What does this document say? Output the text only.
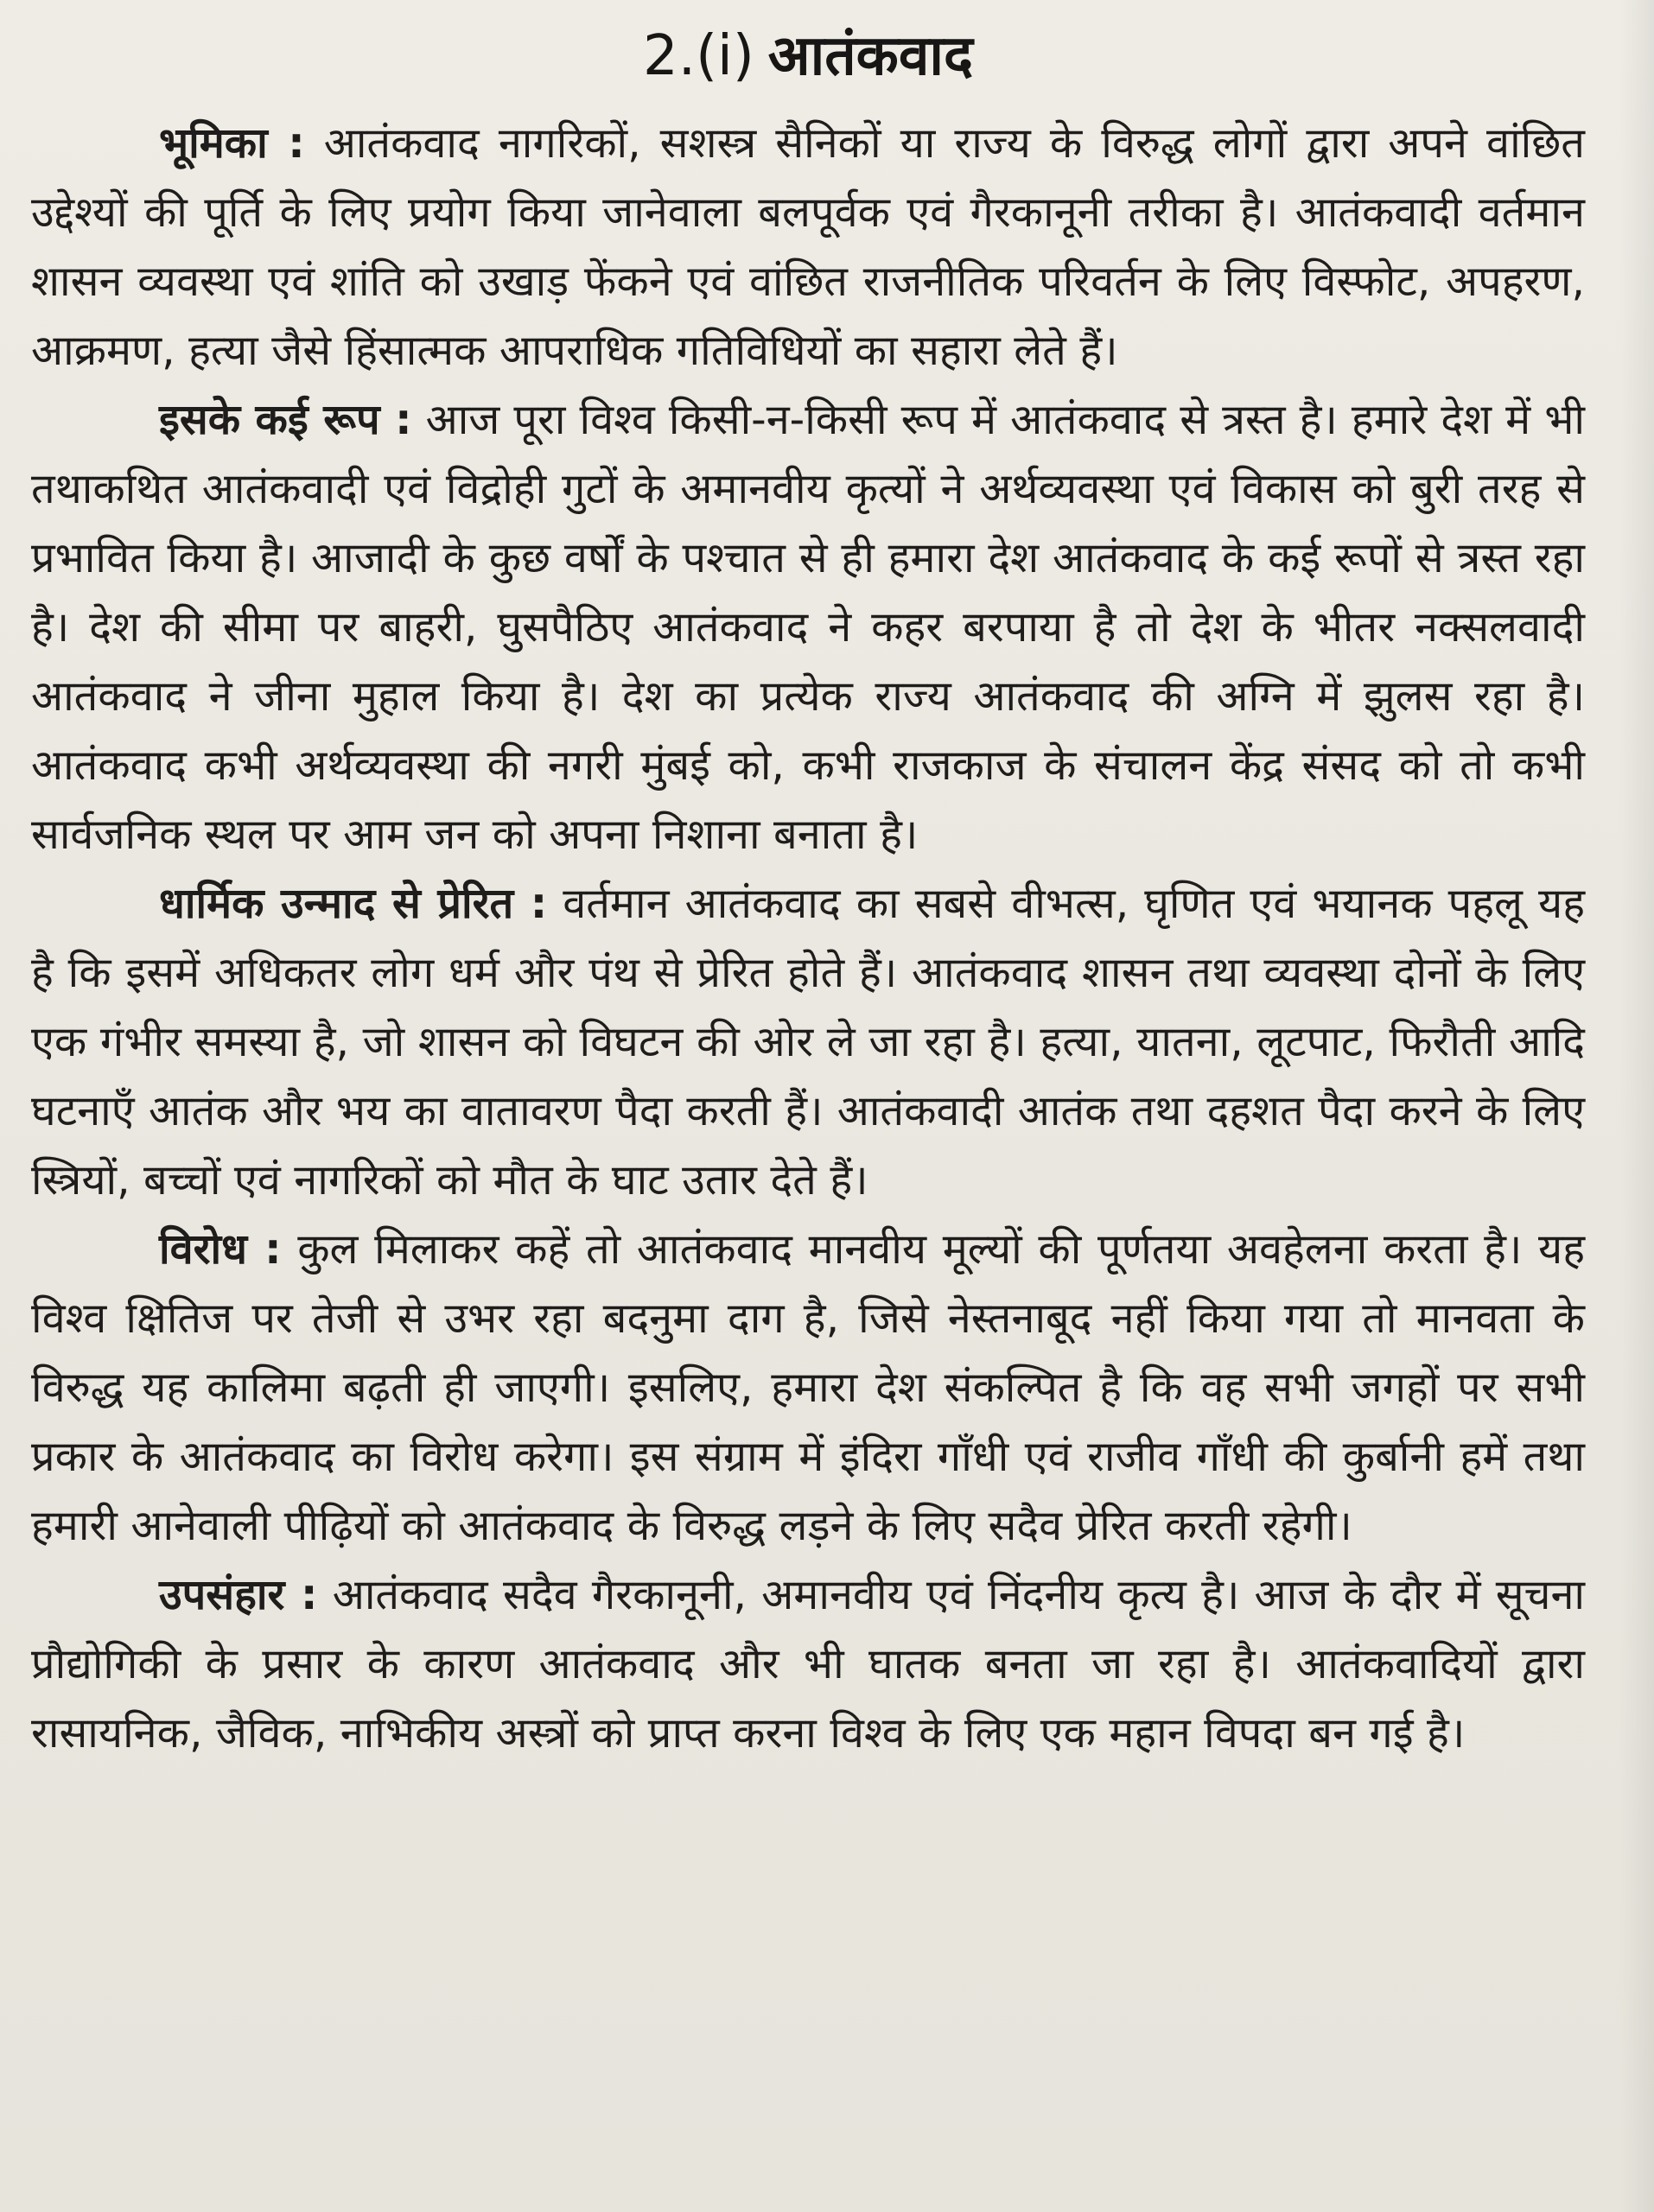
2.(i) आतंकवाद

भूमिका : आतंकवाद नागरिकों, सशस्त्र सैनिकों या राज्य के विरुद्ध लोगों द्वारा अपने वांछित उद्देश्यों की पूर्ति के लिए प्रयोग किया जानेवाला बलपूर्वक एवं गैरकानूनी तरीका है। आतंकवादी वर्तमान शासन व्यवस्था एवं शांति को उखाड़ फेंकने एवं वांछित राजनीतिक परिवर्तन के लिए विस्फोट, अपहरण, आक्रमण, हत्या जैसे हिंसात्मक आपराधिक गतिविधियों का सहारा लेते हैं।

इसके कई रूप : आज पूरा विश्व किसी-न-किसी रूप में आतंकवाद से त्रस्त है। हमारे देश में भी तथाकथित आतंकवादी एवं विद्रोही गुटों के अमानवीय कृत्यों ने अर्थव्यवस्था एवं विकास को बुरी तरह से प्रभावित किया है। आजादी के कुछ वर्षों के पश्चात से ही हमारा देश आतंकवाद के कई रूपों से त्रस्त रहा है। देश की सीमा पर बाहरी, घुसपैठिए आतंकवाद ने कहर बरपाया है तो देश के भीतर नक्सलवादी आतंकवाद ने जीना मुहाल किया है। देश का प्रत्येक राज्य आतंकवाद की अग्नि में झुलस रहा है। आतंकवाद कभी अर्थव्यवस्था की नगरी मुंबई को, कभी राजकाज के संचालन केंद्र संसद को तो कभी सार्वजनिक स्थल पर आम जन को अपना निशाना बनाता है।

धार्मिक उन्माद से प्रेरित : वर्तमान आतंकवाद का सबसे वीभत्स, घृणित एवं भयानक पहलू यह है कि इसमें अधिकतर लोग धर्म और पंथ से प्रेरित होते हैं। आतंकवाद शासन तथा व्यवस्था दोनों के लिए एक गंभीर समस्या है, जो शासन को विघटन की ओर ले जा रहा है। हत्या, यातना, लूटपाट, फिरौती आदि घटनाएँ आतंक और भय का वातावरण पैदा करती हैं। आतंकवादी आतंक तथा दहशत पैदा करने के लिए स्त्रियों, बच्चों एवं नागरिकों को मौत के घाट उतार देते हैं।

विरोध : कुल मिलाकर कहें तो आतंकवाद मानवीय मूल्यों की पूर्णतया अवहेलना करता है। यह विश्व क्षितिज पर तेजी से उभर रहा बदनुमा दाग है, जिसे नेस्तनाबूद नहीं किया गया तो मानवता के विरुद्ध यह कालिमा बढ़ती ही जाएगी। इसलिए, हमारा देश संकल्पित है कि वह सभी जगहों पर सभी प्रकार के आतंकवाद का विरोध करेगा। इस संग्राम में इंदिरा गाँधी एवं राजीव गाँधी की कुर्बानी हमें तथा हमारी आनेवाली पीढ़ियों को आतंकवाद के विरुद्ध लड़ने के लिए सदैव प्रेरित करती रहेगी।

उपसंहार : आतंकवाद सदैव गैरकानूनी, अमानवीय एवं निंदनीय कृत्य है। आज के दौर में सूचना प्रौद्योगिकी के प्रसार के कारण आतंकवाद और भी घातक बनता जा रहा है। आतंकवादियों द्वारा रासायनिक, जैविक, नाभिकीय अस्त्रों को प्राप्त करना विश्व के लिए एक महान विपदा बन गई है।
